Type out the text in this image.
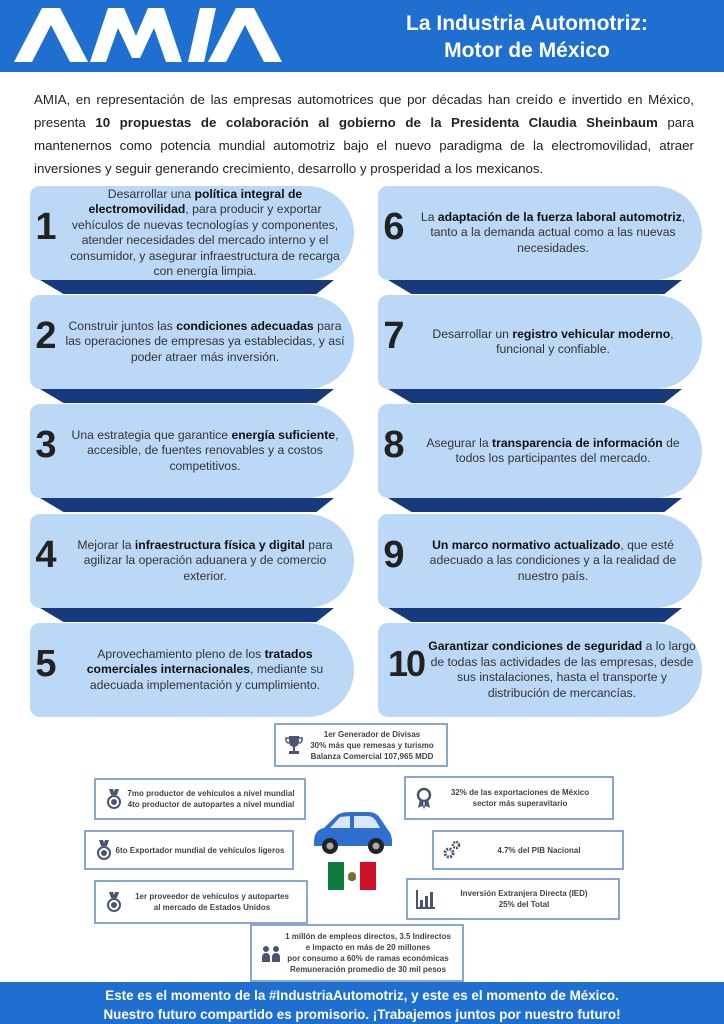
La Industria Automotriz:
Motor de México

AMIA, en representación de las empresas automotrices que por décadas han creído e invertido en México, presenta 10 propuestas de colaboración al gobierno de la Presidenta Claudia Sheinbaum para mantenernos como potencia mundial automotriz bajo el nuevo paradigma de la electromovilidad, atraer inversiones y seguir generando crecimiento, desarrollo y prosperidad a los mexicanos.

1
Desarrollar una política integral de electromovilidad, para producir y exportar vehículos de nuevas tecnologías y componentes, atender necesidades del mercado interno y el consumidor, y asegurar infraestructura de recarga con energía limpia.
2 Construir juntos las condiciones adecuadas para las operaciones de empresas ya establecidas, y así poder atraer más inversión.
3	Una estrategia que garantice energía suficiente, accesible, de fuentes renovables y a costos competitivos.
4	Mejorar la infraestructura física y digital para agilizar la operación aduanera y de comercio exterior.
5	Aprovechamiento pleno de los tratados comerciales internacionales, mediante su adecuada implementación y cumplimiento.
6	La adaptación de la fuerza laboral automotriz, tanto a la demanda actual como a las nuevas necesidades.
7	Desarrollar un registro vehicular moderno, funcional y confiable.
8	Asegurar la transparencia de información de todos los participantes del mercado.
9	Un marco normativo actualizado, que esté adecuado a las condiciones y a la realidad de nuestro país.
10 Garantizar condiciones de seguridad a lo largo de todas las actividades de las empresas, desde sus instalaciones, hasta el transporte y distribución de mercancías.
1er Generador de Divisas
30% más que remesas y turismo
Balanza Comercial 107,965 MDD
7mo productor de vehículos a nivel mundial
4to productor de autopartes a nivel mundial
6to Exportador mundial de vehículos ligeros
1er proveedor de vehículos y autopartes
al mercado de Estados Unidos
32% de las exportaciones de México
sector más superavitario
4.7% del PIB Nacional
Inversión Extranjera Directa (IED)
25% del Total
1 millón de empleos directos, 3.5 Indirectos
e impacto en más de 20 millones
por consumo a 60% de ramas económicas
Remuneración promedio de 30 mil pesos
Este es el momento de la #IndustriaAutomotriz, y este es el momento de México.
Nuestro futuro compartido es promisorio. ¡Trabajemos juntos por nuestro futuro!
